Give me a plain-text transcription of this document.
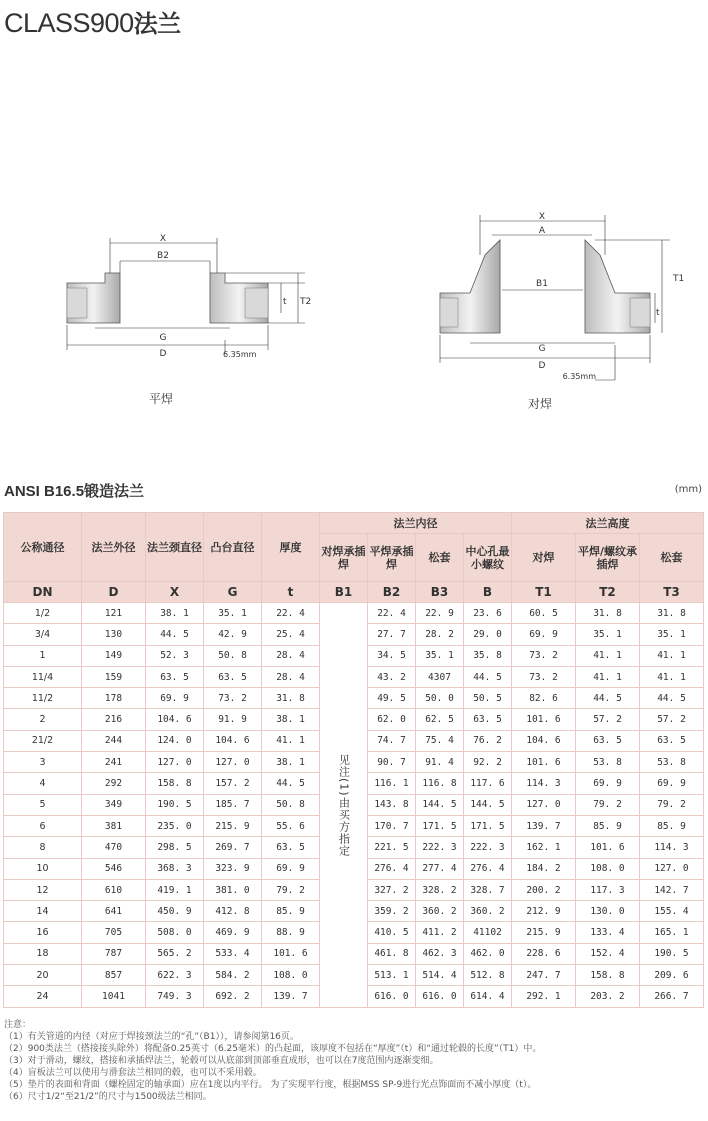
CLASS900法兰
X
B2
T2
t
G
D	6.35mm
平焊
X
A
T1
B1
t
G
D
6.35mm
对焊
ANSI B16.5锻造法兰	(mm)
公称通径	法兰外径	法兰颈直径	凸台直径	厚度	法兰内径				法兰高度		
					对焊承插焊	平焊承插焊	松套	中心孔最小螺纹	对焊	平焊/螺纹承插焊	松套
DN	D	X	G	t	B1	B2	B3	B	T1	T2	T3
1/2	121	38. 1	35. 1	22. 4	见注(1)由买方指定	22. 4	22. 9	23. 6	60. 5	31. 8	31. 8
3/4	130	44. 5	42. 9	25. 4		27. 7	28. 2	29. 0	69. 9	35. 1	35. 1
1	149	52. 3	50. 8	28. 4		34. 5	35. 1	35. 8	73. 2	41. 1	41. 1
11/4	159	63. 5	63. 5	28. 4		43. 2	4307	44. 5	73. 2	41. 1	41. 1
11/2	178	69. 9	73. 2	31. 8		49. 5	50. 0	50. 5	82. 6	44. 5	44. 5
2	216	104. 6	91. 9	38. 1		62. 0	62. 5	63. 5	101. 6	57. 2	57. 2
21/2	244	124. 0	104. 6	41. 1		74. 7	75. 4	76. 2	104. 6	63. 5	63. 5
3	241	127. 0	127. 0	38. 1		90. 7	91. 4	92. 2	101. 6	53. 8	53. 8
4	292	158. 8	157. 2	44. 5		116. 1	116. 8	117. 6	114. 3	69. 9	69. 9
5	349	190. 5	185. 7	50. 8		143. 8	144. 5	144. 5	127. 0	79. 2	79. 2
6	381	235. 0	215. 9	55. 6		170. 7	171. 5	171. 5	139. 7	85. 9	85. 9
8	470	298. 5	269. 7	63. 5		221. 5	222. 3	222. 3	162. 1	101. 6	114. 3
10	546	368. 3	323. 9	69. 9		276. 4	277. 4	276. 4	184. 2	108. 0	127. 0
12	610	419. 1	381. 0	79. 2		327. 2	328. 2	328. 7	200. 2	117. 3	142. 7
14	641	450. 9	412. 8	85. 9		359. 2	360. 2	360. 2	212. 9	130. 0	155. 4
16	705	508. 0	469. 9	88. 9		410. 5	411. 2	41102	215. 9	133. 4	165. 1
18	787	565. 2	533. 4	101. 6		461. 8	462. 3	462. 0	228. 6	152. 4	190. 5
20	857	622. 3	584. 2	108. 0		513. 1	514. 4	512. 8	247. 7	158. 8	209. 6
24	1041	749. 3	692. 2	139. 7		616. 0	616. 0	614. 4	292. 1	203. 2	266. 7
注意：
（1）有关管道的内径（对应于焊接颈法兰的“孔”（B1）），请参阅第16页。
（2）900类法兰（搭接接头除外）将配备0.25英寸（6.25毫米）的凸起面，该厚度不包括在“厚度”（t）和“通过轮毂的长度”（T1）中。
（3）对于滑动，螺纹，搭接和承插焊法兰，轮毂可以从底部到顶部垂直成形，也可以在7度范围内逐渐变细。
（4）盲板法兰可以使用与滑套法兰相同的毂，也可以不采用毂。
（5）垫片的表面和背面（螺栓固定的轴承面）应在1度以内平行。 为了实现平行度，根据MSS SP-9进行光点饰面而不减小厚度（t）。
（6）尺寸1/2“至21/2”的尺寸与1500级法兰相同。
